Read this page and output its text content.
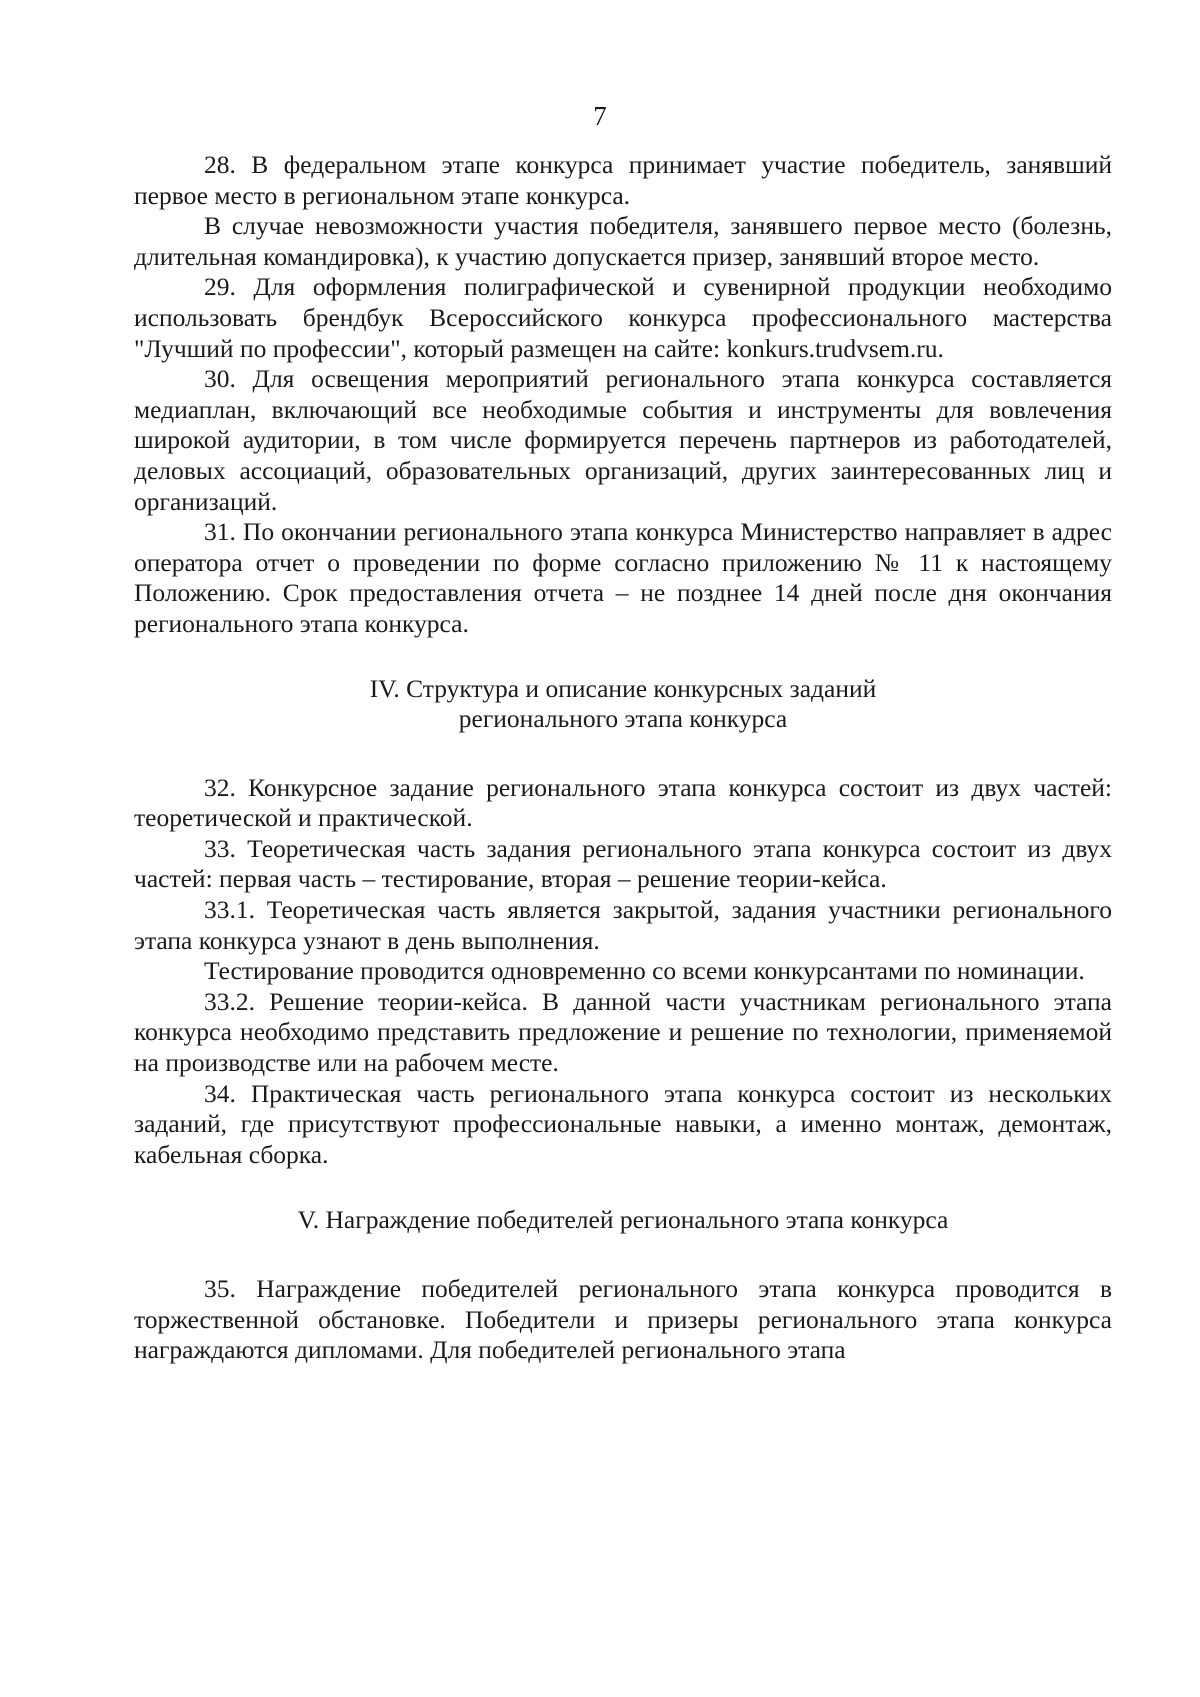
7

28. В федеральном этапе конкурса принимает участие победитель, занявший первое место в региональном этапе конкурса.

В случае невозможности участия победителя, занявшего первое место (болезнь, длительная командировка), к участию допускается призер, занявший второе место.

29. Для оформления полиграфической и сувенирной продукции необходимо использовать брендбук Всероссийского конкурса профессионального мастерства "Лучший по профессии", который размещен на сайте: konkurs.trudvsem.ru.

30. Для освещения мероприятий регионального этапа конкурса составляется медиаплан, включающий все необходимые события и инструменты для вовлечения широкой аудитории, в том числе формируется перечень партнеров из работодателей, деловых ассоциаций, образовательных организаций, других заинтересованных лиц и организаций.

31. По окончании регионального этапа конкурса Министерство направляет в адрес оператора отчет о проведении по форме согласно приложению № 11 к настоящему Положению. Срок предоставления отчета – не позднее 14 дней после дня окончания регионального этапа конкурса.

IV. Структура и описание конкурсных заданий
регионального этапа конкурса

32. Конкурсное задание регионального этапа конкурса состоит из двух частей: теоретической и практической.

33. Теоретическая часть задания регионального этапа конкурса состоит из двух частей: первая часть – тестирование, вторая – решение теории-кейса.

33.1. Теоретическая часть является закрытой, задания участники регионального этапа конкурса узнают в день выполнения.

Тестирование проводится одновременно со всеми конкурсантами по номинации.

33.2. Решение теории-кейса. В данной части участникам регионального этапа конкурса необходимо представить предложение и решение по технологии, применяемой на производстве или на рабочем месте.

34. Практическая часть регионального этапа конкурса состоит из нескольких заданий, где присутствуют профессиональные навыки, а именно монтаж, демонтаж, кабельная сборка.

V. Награждение победителей регионального этапа конкурса

35. Награждение победителей регионального этапа конкурса проводится в торжественной обстановке. Победители и призеры регионального этапа конкурса награждаются дипломами. Для победителей регионального этапа
